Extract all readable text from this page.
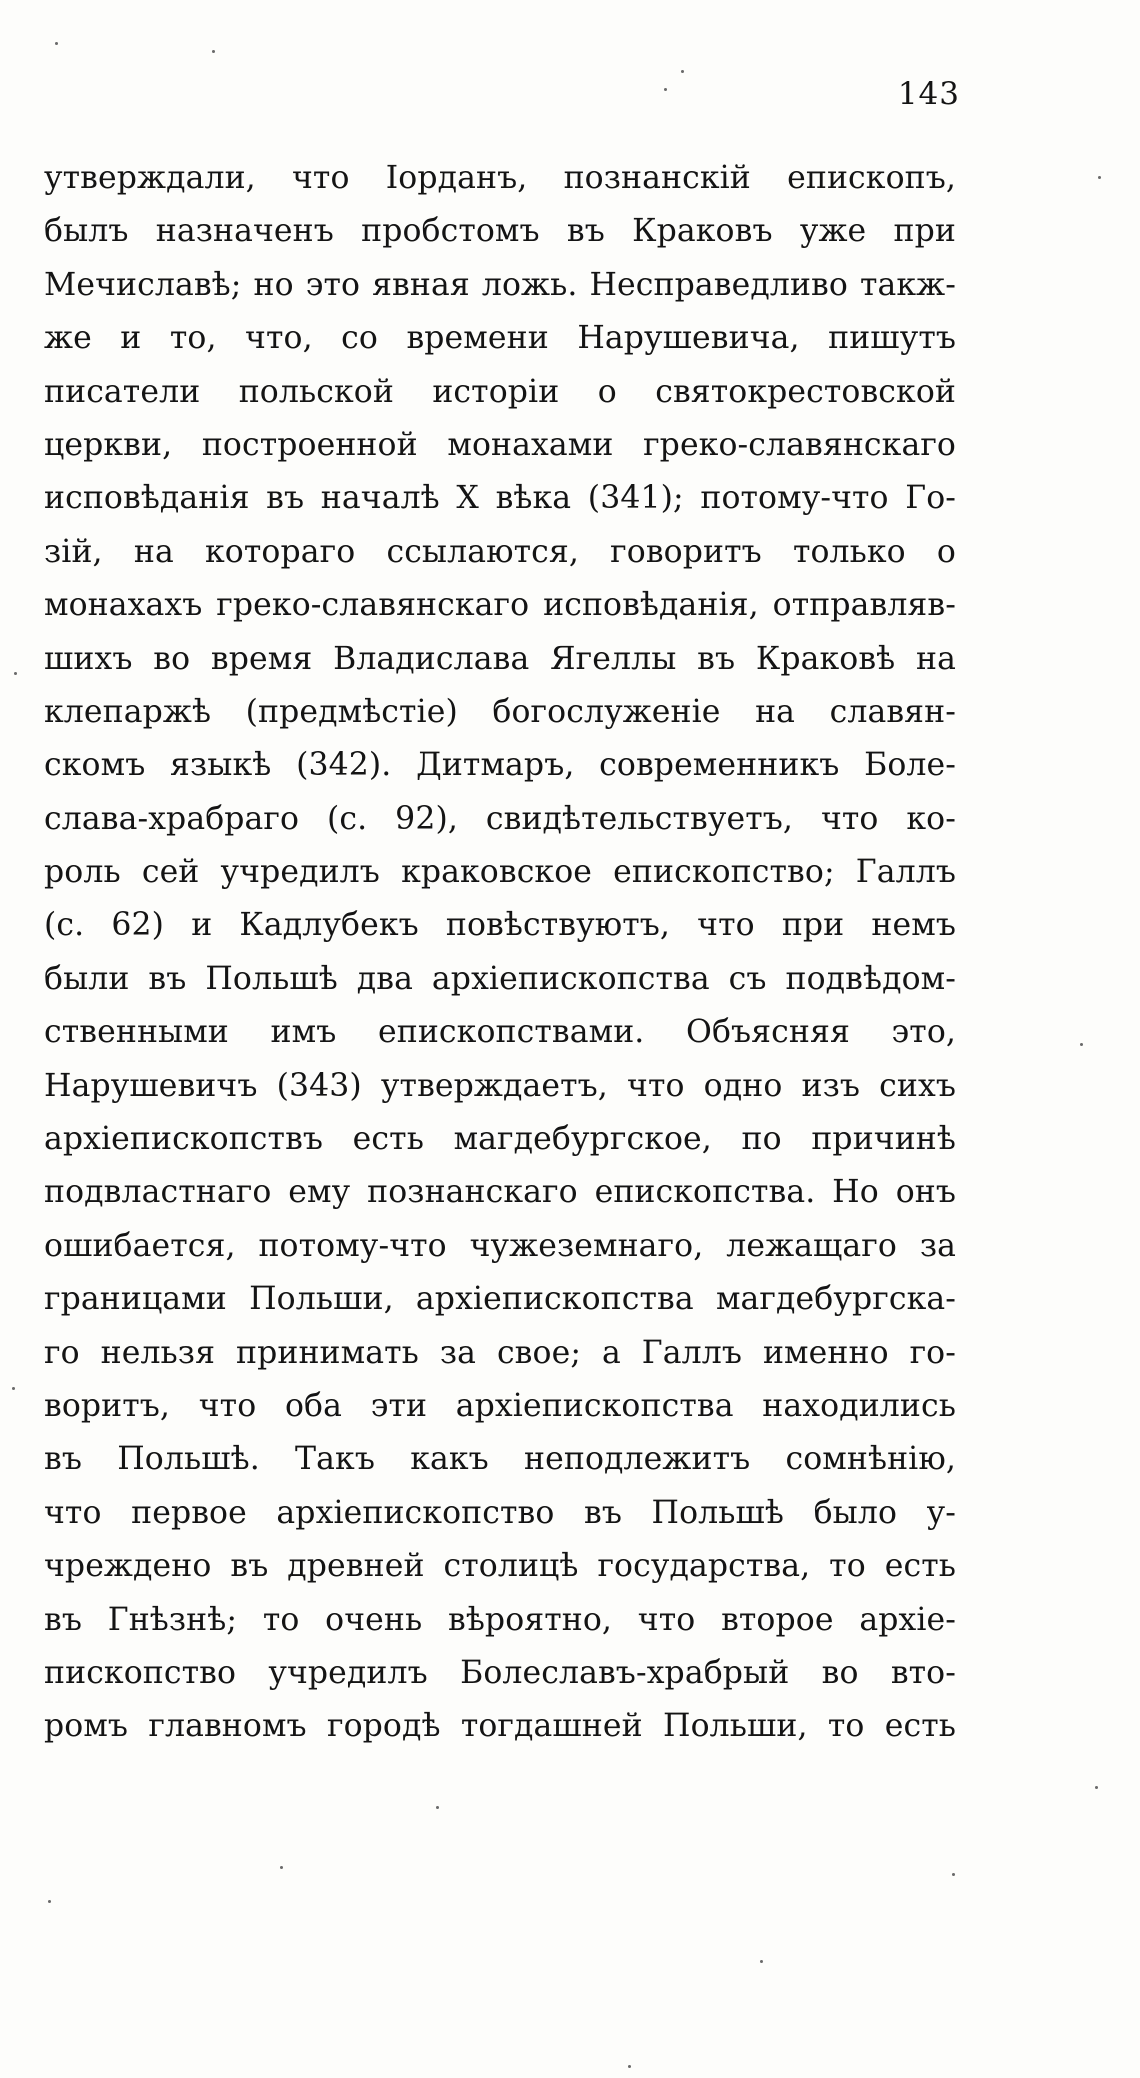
143
утверждали, что Іорданъ, познанскій епископъ,
былъ назначенъ пробстомъ въ Краковъ уже при
Мечиславѣ; но это явная ложь. Несправедливо такж-
же и то, что, со времени Нарушевича, пишутъ
писатели польской исторіи о святокрестовской
церкви, построенной монахами греко-славянскаго
исповѣданія въ началѣ X вѣка (341); потому-что Го-
зій, на котораго ссылаются, говоритъ только о
монахахъ греко-славянскаго исповѣданія, отправляв-
шихъ во время Владислава Ягеллы въ Краковѣ на
клепаржѣ (предмѣстіе) богослуженіе на славян-
скомъ языкѣ (342). Дитмаръ, современникъ Боле-
слава-храбраго (с. 92), свидѣтельствуетъ, что ко-
роль сей учредилъ краковское епископство; Галлъ
(с. 62) и Кадлубекъ повѣствуютъ, что при немъ
были въ Польшѣ два архіепископства съ подвѣдом-
ственными имъ епископствами. Объясняя это,
Нарушевичъ (343) утверждаетъ, что одно изъ сихъ
архіепископствъ есть магдебургское, по причинѣ
подвластнаго ему познанскаго епископства. Но онъ
ошибается, потому-что чужеземнаго, лежащаго за
границами Польши, архіепископства магдебургска-
го нельзя принимать за свое; а Галлъ именно го-
воритъ, что оба эти архіепископства находились
въ Польшѣ. Такъ какъ неподлежитъ сомнѣнію,
что первое архіепископство въ Польшѣ было у-
чреждено въ древней столицѣ государства, то есть
въ Гнѣзнѣ; то очень вѣроятно, что второе архіе-
пископство учредилъ Болеславъ-храбрый во вто-
ромъ главномъ городѣ тогдашней Польши, то есть
